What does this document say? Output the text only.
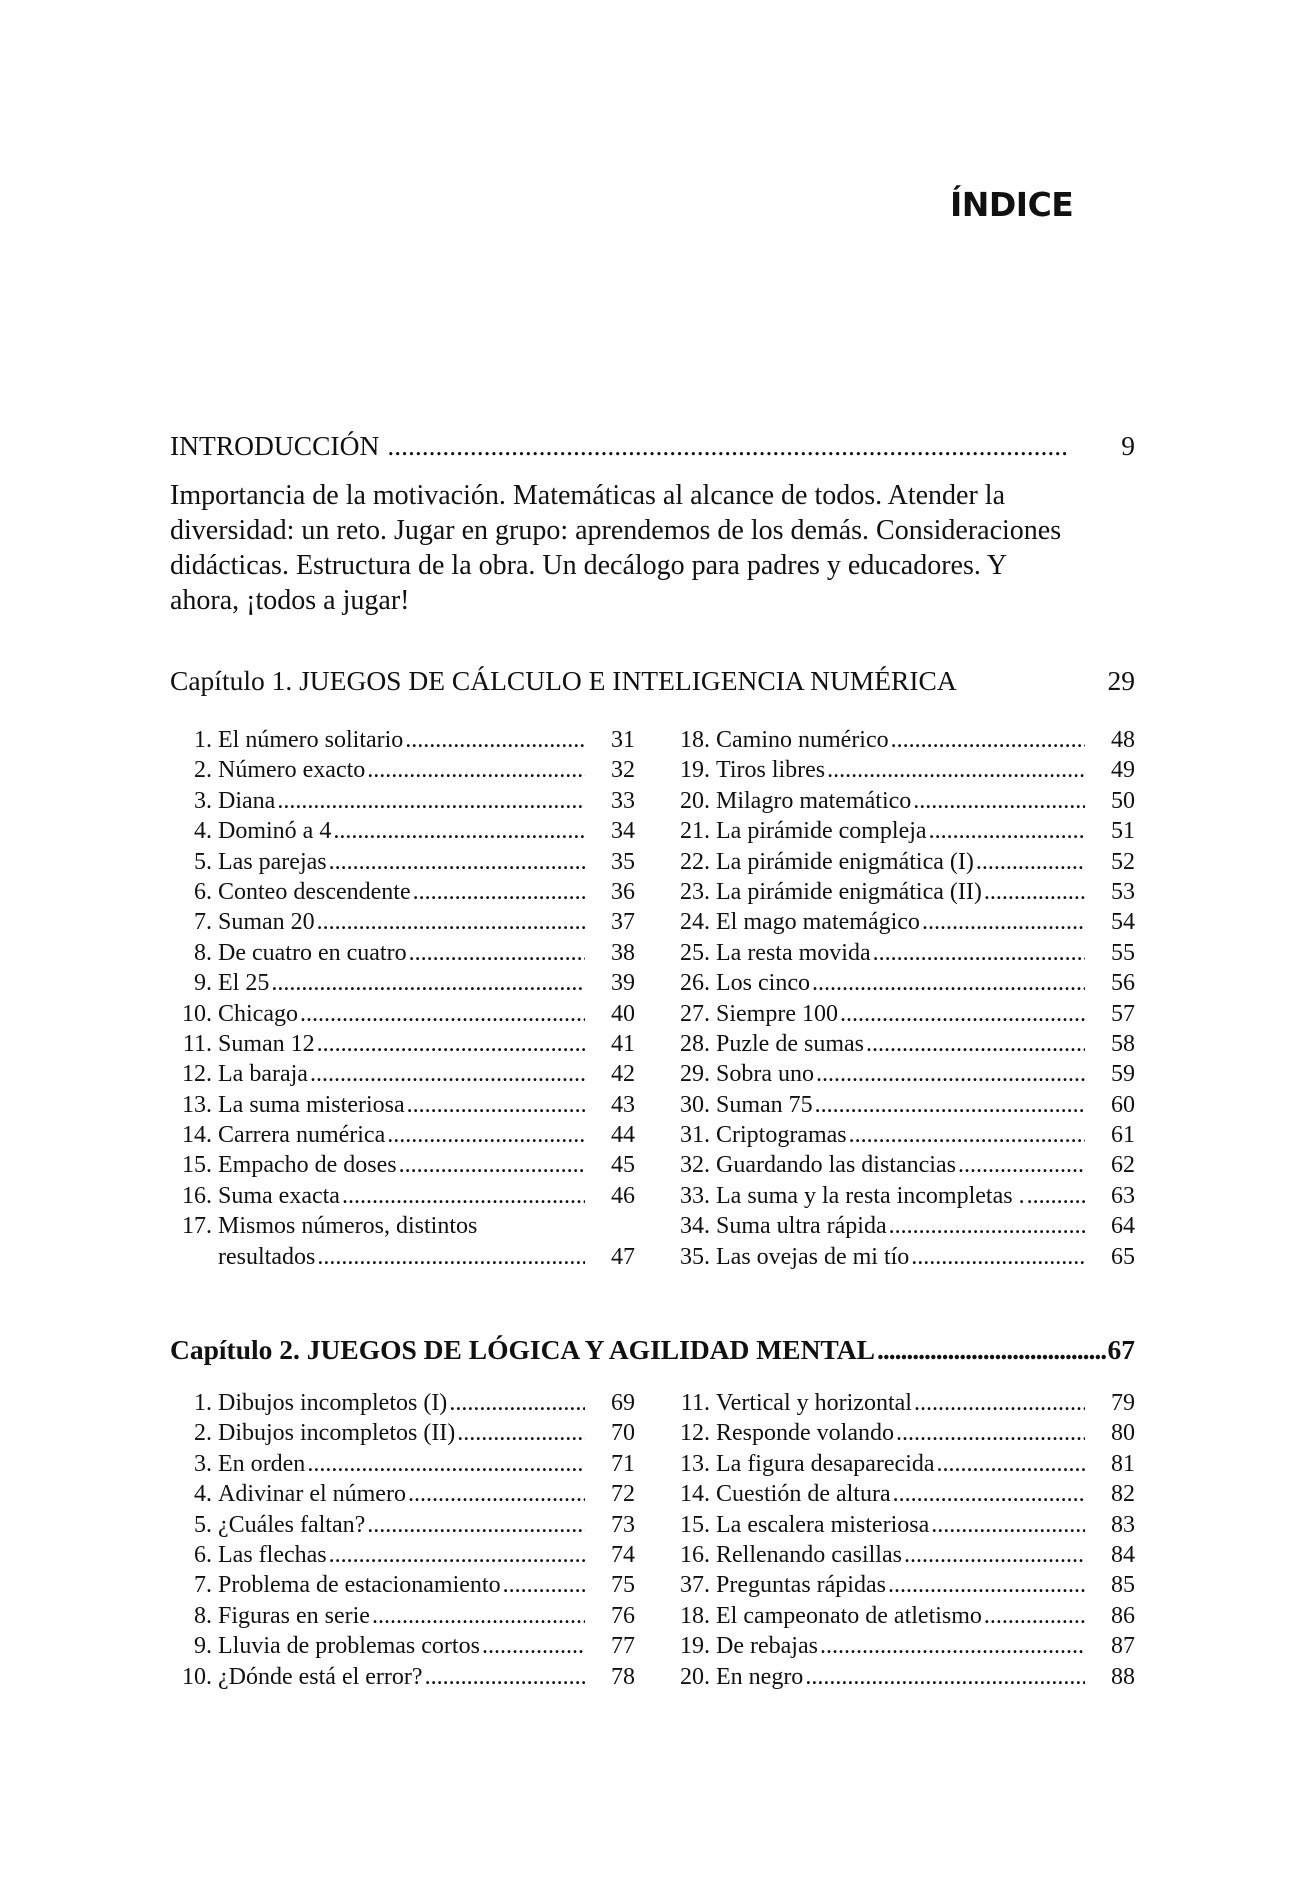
ÍNDICE
INTRODUCCIÓN .....	9

Importancia de la motivación. Matemáticas al alcance de todos. Atender la diversidad: un reto. Jugar en grupo: aprendemos de los demás. Consideraciones didácticas. Estructura de la obra. Un decálogo para padres y educadores. Y ahora, ¡todos a jugar!

Capítulo 1. JUEGOS DE CÁLCULO E INTELIGENCIA NUMÉRICA	29
1. El número solitario .....	31
2. Número exacto .....	32
3. Diana .....	33
4. Dominó a 4 .....	34
5. Las parejas .....	35
6. Conteo descendente .....	36
7. Suman 20 .....	37
8. De cuatro en cuatro .....	38
9. El 25 .....	39
10. Chicago .....	40
11. Suman 12 .....	41
12. La baraja .....	42
13. La suma misteriosa .....	43
14. Carrera numérica .....	44
15. Empacho de doses .....	45
16. Suma exacta .....	46
17. Mismos números, distintos
resultados .....	47
18. Camino numérico .....	48
19. Tiros libres .....	49
20. Milagro matemático .....	50
21. La pirámide compleja .....	51
22. La pirámide enigmática (I) .....	52
23. La pirámide enigmática (II) .....	53
24. El mago matemágico .....	54
25. La resta movida .....	55
26. Los cinco .....	56
27. Siempre 100 .....	57
28. Puzle de sumas .....	58
29. Sobra uno .....	59
30. Suman 75 .....	60
31. Criptogramas .....	61
32. Guardando las distancias .....	62
33. La suma y la resta incompletas . .....	63
34. Suma ultra rápida .....	64
35. Las ovejas de mi tío .....	65
Capítulo 2. JUEGOS DE LÓGICA Y AGILIDAD MENTAL .....	67
1. Dibujos incompletos (I) .....	69
2. Dibujos incompletos (II) .....	70
3. En orden .....	71
4. Adivinar el número .....	72
5. ¿Cuáles faltan? .....	73
6. Las flechas .....	74
7. Problema de estacionamiento .....	75
8. Figuras en serie .....	76
9. Lluvia de problemas cortos .....	77
10. ¿Dónde está el error? .....	78
11. Vertical y horizontal .....	79
12. Responde volando .....	80
13. La figura desaparecida .....	81
14. Cuestión de altura .....	82
15. La escalera misteriosa .....	83
16. Rellenando casillas .....	84
37. Preguntas rápidas .....	85
18. El campeonato de atletismo .....	86
19. De rebajas .....	87
20. En negro .....	88
